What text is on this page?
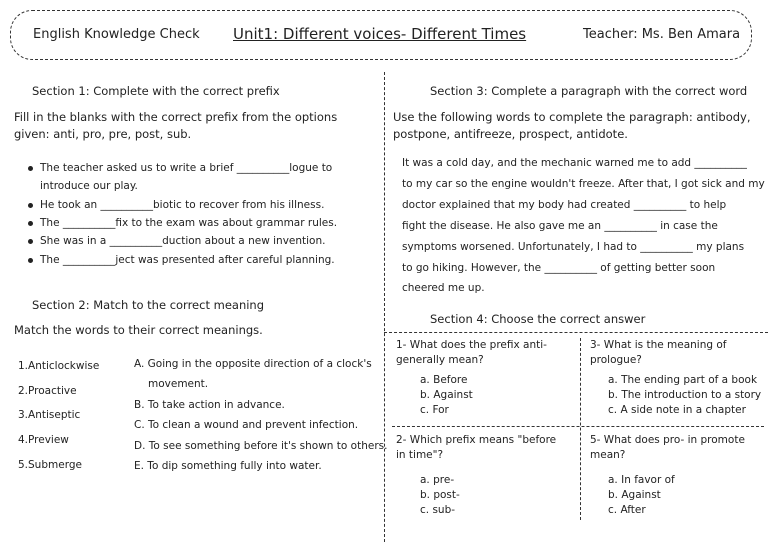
English Knowledge Check Unit1: Different voices- Different Times	Teacher: Ms. Ben Amara
Section 1: Complete with the correct prefix
Fill in the blanks with the correct prefix from the options
given: anti, pro, pre, post, sub.
The teacher asked us to write a brief __________logue to
introduce our play.
He took an __________biotic to recover from his illness.
The __________fix to the exam was about grammar rules.
She was in a __________duction about a new invention.
The __________ject was presented after careful planning.
Section 2: Match to the correct meaning
Match the words to their correct meanings.
1.Anticlockwise
2.Proactive
3.Antiseptic
4.Preview
5.Submerge
A. Going in the opposite direction of a clock's
movement.
B. To take action in advance.
C. To clean a wound and prevent infection.
D. To see something before it's shown to others.
E. To dip something fully into water.
Section 3: Complete a paragraph with the correct word
Use the following words to complete the paragraph: antibody,
postpone, antifreeze, prospect, antidote.
It was a cold day, and the mechanic warned me to add __________
to my car so the engine wouldn't freeze. After that, I got sick and my
doctor explained that my body had created __________ to help
fight the disease. He also gave me an __________ in case the
symptoms worsened. Unfortunately, I had to __________ my plans
to go hiking. However, the __________ of getting better soon
cheered me up.
Section 4: Choose the correct answer
1- What does the prefix anti-
generally mean?
a. Before
b. Against
c. For
2- Which prefix means "before
in time"?
a. pre-
b. post-
c. sub-
3- What is the meaning of
prologue?
a. The ending part of a book
b. The introduction to a story
c. A side note in a chapter
5- What does pro- in promote
mean?
a. In favor of
b. Against
c. After
